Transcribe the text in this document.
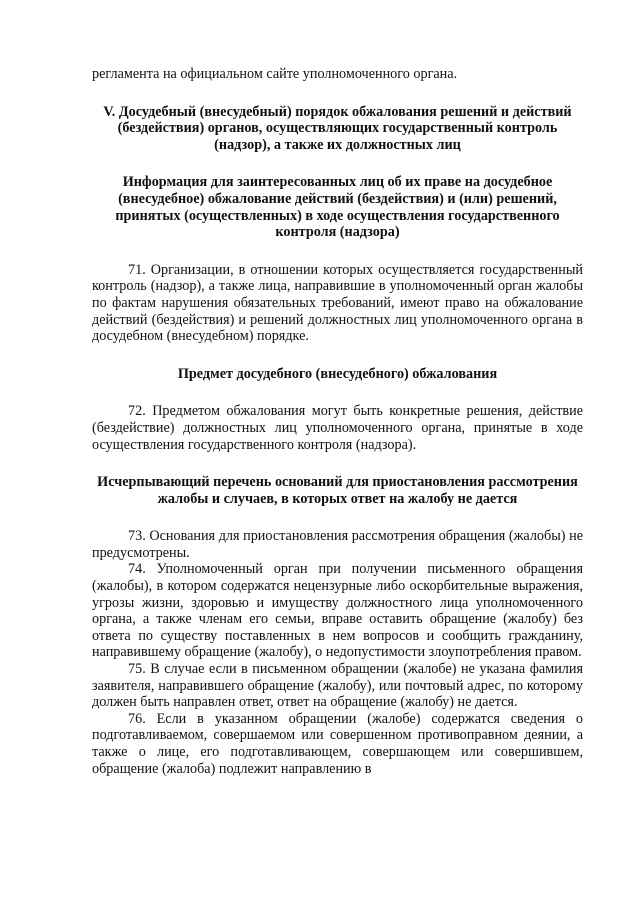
регламента на официальном сайте уполномоченного органа.

V. Досудебный (внесудебный) порядок обжалования решений и действий (бездействия) органов, осуществляющих государственный контроль (надзор), а также их должностных лиц

Информация для заинтересованных лиц об их праве на досудебное (внесудебное) обжалование действий (бездействия) и (или) решений, принятых (осуществленных) в ходе осуществления государственного контроля (надзора)

71. Организации, в отношении которых осуществляется государственный контроль (надзор), а также лица, направившие в уполномоченный орган жалобы по фактам нарушения обязательных требований, имеют право на обжалование действий (бездействия) и решений должностных лиц уполномоченного органа в досудебном (внесудебном) порядке.

Предмет досудебного (внесудебного) обжалования

72. Предметом обжалования могут быть конкретные решения, действие (бездействие) должностных лиц уполномоченного органа, принятые в ходе осуществления государственного контроля (надзора).

Исчерпывающий перечень оснований для приостановления рассмотрения жалобы и случаев, в которых ответ на жалобу не дается

73. Основания для приостановления рассмотрения обращения (жалобы) не предусмотрены.

74. Уполномоченный орган при получении письменного обращения (жалобы), в котором содержатся нецензурные либо оскорбительные выражения, угрозы жизни, здоровью и имуществу должностного лица уполномоченного органа, а также членам его семьи, вправе оставить обращение (жалобу) без ответа по существу поставленных в нем вопросов и сообщить гражданину, направившему обращение (жалобу), о недопустимости злоупотребления правом.

75. В случае если в письменном обращении (жалобе) не указана фамилия заявителя, направившего обращение (жалобу), или почтовый адрес, по которому должен быть направлен ответ, ответ на обращение (жалобу) не дается.

76. Если в указанном обращении (жалобе) содержатся сведения о подготавливаемом, совершаемом или совершенном противоправном деянии, а также о лице, его подготавливающем, совершающем или совершившем, обращение (жалоба) подлежит направлению в
